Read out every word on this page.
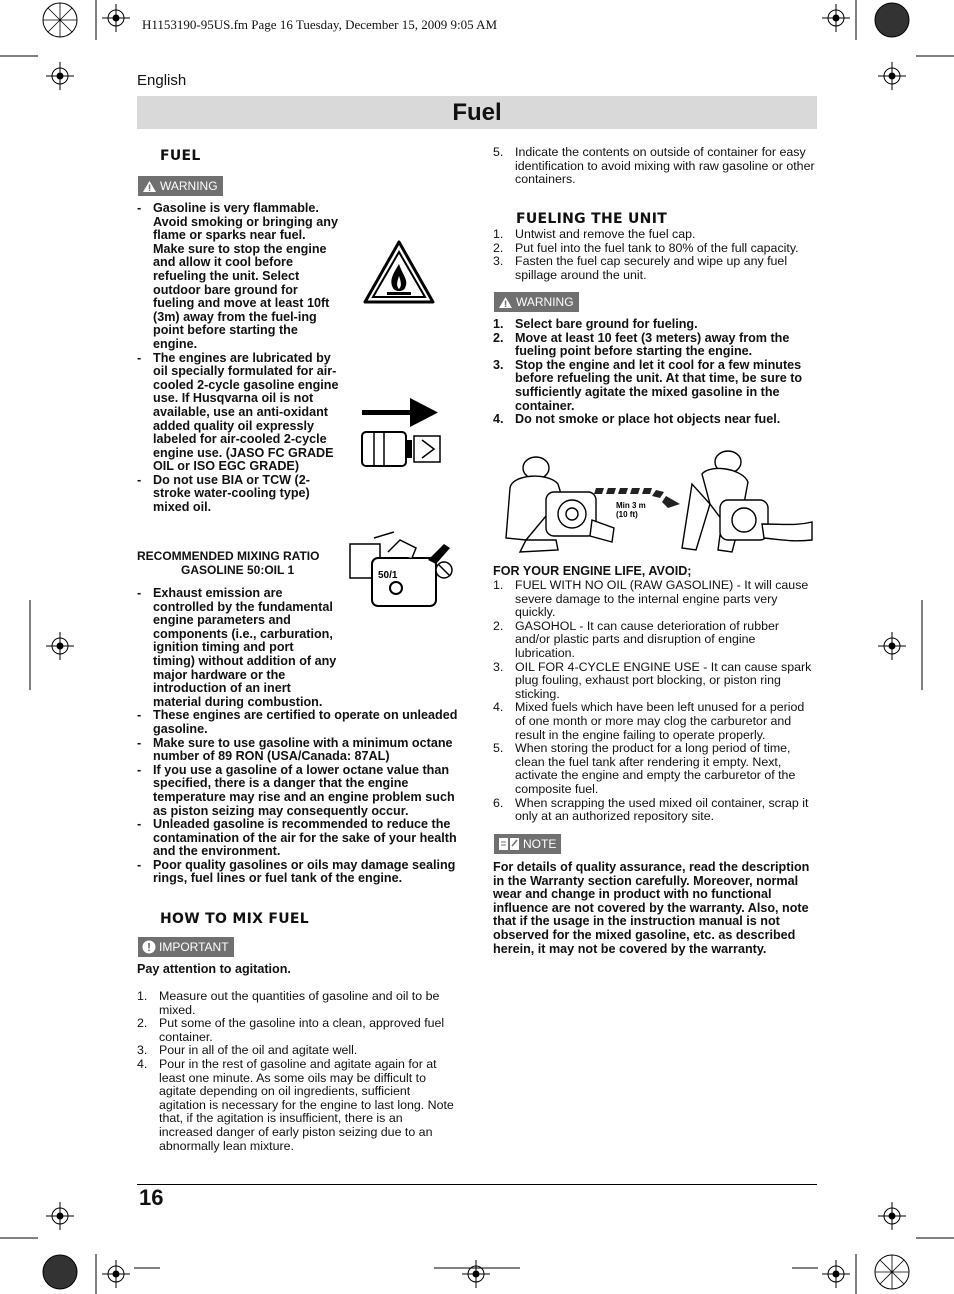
H1153190-95US.fm Page 16 Tuesday, December 15, 2009 9:05 AM
English
Fuel
FUEL
WARNING
- Gasoline is very flammable. Avoid smoking or bringing any flame or sparks near fuel. Make sure to stop the engine and allow it cool before refueling the unit. Select outdoor bare ground for fueling and move at least 10ft (3m) away from the fuel-ing point before starting the engine.
- The engines are lubricated by oil specially formulated for air-cooled 2-cycle gasoline engine use. If Husqvarna oil is not available, use an anti-oxidant added quality oil expressly labeled for air-cooled 2-cycle engine use. (JASO FC GRADE OIL or ISO EGC GRADE)
- Do not use BIA or TCW (2-stroke water-cooling type) mixed oil.
RECOMMENDED MIXING RATIO
GASOLINE 50:OIL 1	50/1
- Exhaust emission are controlled by the fundamental engine parameters and components (i.e., carburation, ignition timing and port timing) without addition of any major hardware or the introduction of an inert material during combustion.
- These engines are certified to operate on unleaded gasoline.
- Make sure to use gasoline with a minimum octane number of 89 RON (USA/Canada: 87AL)
- If you use a gasoline of a lower octane value than specified, there is a danger that the engine temperature may rise and an engine problem such as piston seizing may consequently occur.
- Unleaded gasoline is recommended to reduce the contamination of the air for the sake of your health and the environment.
- Poor quality gasolines or oils may damage sealing rings, fuel lines or fuel tank of the engine.
HOW TO MIX FUEL
IMPORTANT
Pay attention to agitation.
1. Measure out the quantities of gasoline and oil to be mixed.
2. Put some of the gasoline into a clean, approved fuel container.
3. Pour in all of the oil and agitate well.
4. Pour in the rest of gasoline and agitate again for at least one minute. As some oils may be difficult to agitate depending on oil ingredients, sufficient agitation is necessary for the engine to last long. Note that, if the agitation is insufficient, there is an increased danger of early piston seizing due to an abnormally lean mixture.
5. Indicate the contents on outside of container for easy identification to avoid mixing with raw gasoline or other containers.
FUELING THE UNIT
1. Untwist and remove the fuel cap.
2. Put fuel into the fuel tank to 80% of the full capacity.
3. Fasten the fuel cap securely and wipe up any fuel spillage around the unit.
WARNING
1. Select bare ground for fueling.
2. Move at least 10 feet (3 meters) away from the fueling point before starting the engine.
3. Stop the engine and let it cool for a few minutes before refueling the unit. At that time, be sure to sufficiently agitate the mixed gasoline in the container.
4. Do not smoke or place hot objects near fuel.
Min 3 m
(10 ft)
FOR YOUR ENGINE LIFE, AVOID;
1. FUEL WITH NO OIL (RAW GASOLINE) - It will cause severe damage to the internal engine parts very quickly.
2. GASOHOL - It can cause deterioration of rubber and/or plastic parts and disruption of engine lubrication.
3. OIL FOR 4-CYCLE ENGINE USE - It can cause spark plug fouling, exhaust port blocking, or piston ring sticking.
4. Mixed fuels which have been left unused for a period of one month or more may clog the carburetor and result in the engine failing to operate properly.
5. When storing the product for a long period of time, clean the fuel tank after rendering it empty. Next, activate the engine and empty the carburetor of the composite fuel.
6. When scrapping the used mixed oil container, scrap it only at an authorized repository site.
NOTE
For details of quality assurance, read the description in the Warranty section carefully. Moreover, normal wear and change in product with no functional influence are not covered by the warranty. Also, note that if the usage in the instruction manual is not observed for the mixed gasoline, etc. as described herein, it may not be covered by the warranty.
16
